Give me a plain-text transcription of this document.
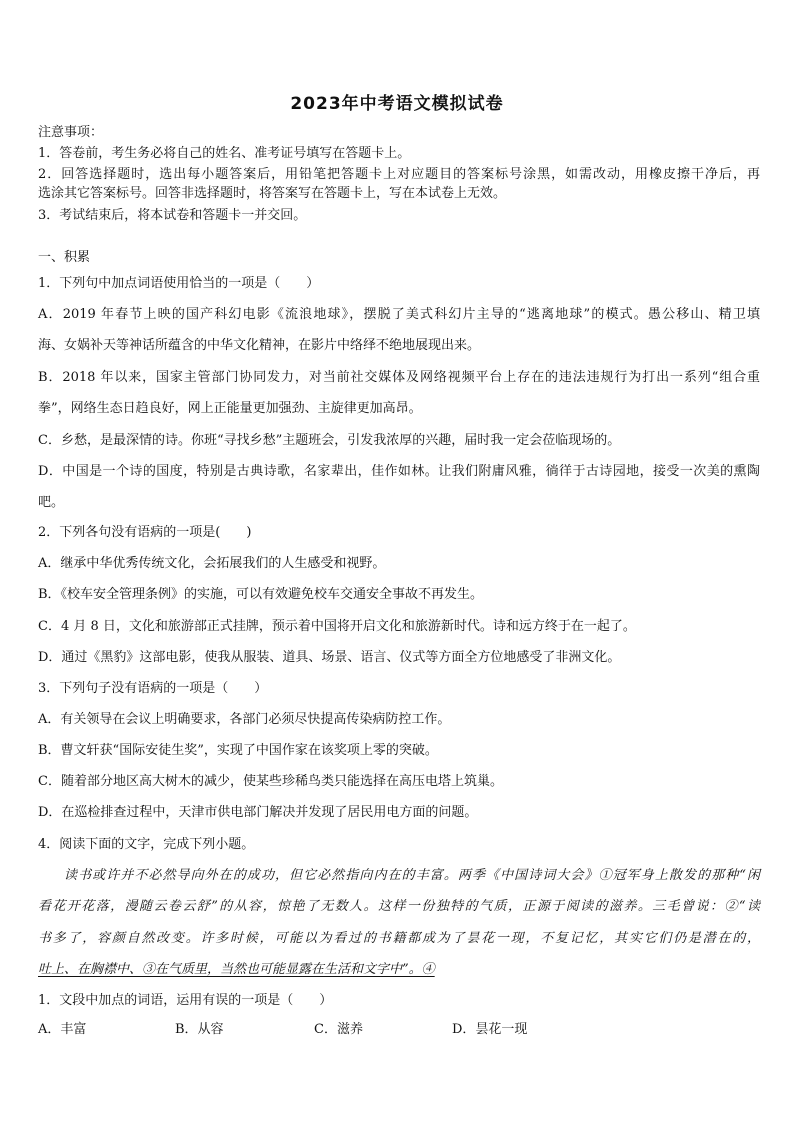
2023年中考语文模拟试卷
注意事项：
1．答卷前，考生务必将自己的姓名、准考证号填写在答题卡上。
2．回答选择题时，选出每小题答案后，用铅笔把答题卡上对应题目的答案标号涂黑，如需改动，用橡皮擦干净后，再
选涂其它答案标号。回答非选择题时，将答案写在答题卡上，写在本试卷上无效。
3．考试结束后，将本试卷和答题卡一并交回。
一、积累
1．下列句中加点词语使用恰当的一项是（　　）
A．2019 年春节上映的国产科幻电影《流浪地球》，摆脱了美式科幻片主导的“逃离地球”的模式。愚公移山、精卫填
海、女娲补天等神话所蕴含的中华文化精神，在影片中络绎不绝地展现出来。
B．2018 年以来，国家主管部门协同发力，对当前社交媒体及网络视频平台上存在的违法违规行为打出一系列“组合重
拳”，网络生态日趋良好，网上正能量更加强劲、主旋律更加高昂。
C．乡愁，是最深情的诗。你班“寻找乡愁”主题班会，引发我浓厚的兴趣，届时我一定会莅临现场的。
D．中国是一个诗的国度，特别是古典诗歌，名家辈出，佳作如林。让我们附庸风雅，徜徉于古诗园地，接受一次美的熏陶
吧。
2．下列各句没有语病的一项是(　　)
A．继承中华优秀传统文化，会拓展我们的人生感受和视野。
B．《校车安全管理条例》的实施，可以有效避免校车交通安全事故不再发生。
C．4 月 8 日，文化和旅游部正式挂牌，预示着中国将开启文化和旅游新时代。诗和远方终于在一起了。
D．通过《黑豹》这部电影，使我从服装、道具、场景、语言、仪式等方面全方位地感受了非洲文化。
3．下列句子没有语病的一项是（　　）
A．有关领导在会议上明确要求，各部门必须尽快提高传染病防控工作。
B．曹文轩获“国际安徒生奖”，实现了中国作家在该奖项上零的突破。
C．随着部分地区高大树木的减少，使某些珍稀鸟类只能选择在高压电塔上筑巢。
D．在巡检排查过程中，天津市供电部门解决并发现了居民用电方面的问题。
4．阅读下面的文字，完成下列小题。
读书或许并不必然导向外在的成功，但它必然指向内在的丰富。两季《中国诗词大会》①冠军身上散发的那种“闲
看花开花落，漫随云卷云舒”的从容，惊艳了无数人。这样一份独特的气质，正源于阅读的滋养。三毛曾说：②“读
书多了，容颜自然改变。许多时候，可能以为看过的书籍都成为了昙花一现，不复记忆，其实它们仍是潜在的，
吐上、在胸襟中、③在气质里，当然也可能显露在生活和文字中”。④
1．文段中加点的词语，运用有误的一项是（　　）
A．丰富	B．从容	C．滋养	D．昙花一现
